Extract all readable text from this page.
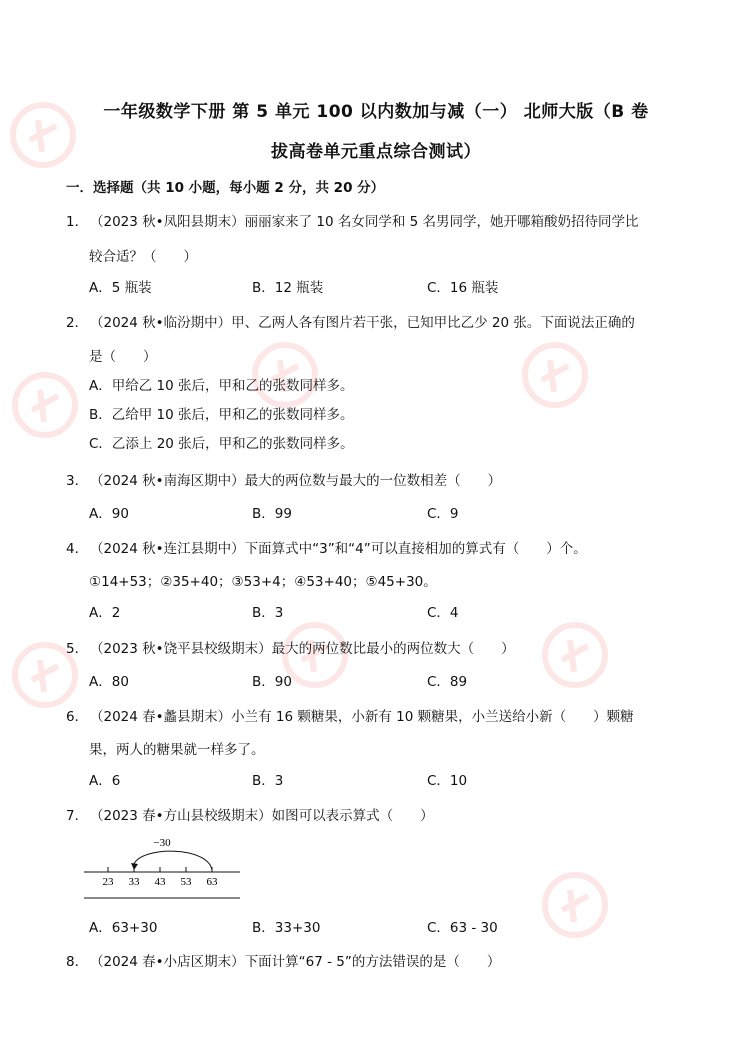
一年级数学下册 第 5 单元 100 以内数加与减（一） 北师大版（B 卷
拔高卷单元重点综合测试）
一．选择题（共 10 小题，每小题 2 分，共 20 分）
1． （2023 秋•凤阳县期末）丽丽家来了 10 名女同学和 5 名男同学，她开哪箱酸奶招待同学比
较合适？（　　）
A．5 瓶装	B．12 瓶装	C．16 瓶装
2． （2024 秋•临汾期中）甲、乙两人各有图片若干张，已知甲比乙少 20 张。下面说法正确的
是（　　）
A．甲给乙 10 张后，甲和乙的张数同样多。
B．乙给甲 10 张后，甲和乙的张数同样多。
C．乙添上 20 张后，甲和乙的张数同样多。
3． （2024 秋•南海区期中）最大的两位数与最大的一位数相差（　　）
A．90	B．99	C．9
4． （2024 秋•连江县期中）下面算式中“3”和“4”可以直接相加的算式有（　　）个。
①14+53；②35+40；③53+4；④53+40；⑤45+30。
A．2	B．3	C．4
5． （2023 秋•饶平县校级期末）最大的两位数比最小的两位数大（　　）
A．80	B．90	C．89
6． （2024 春•蠡县期末）小兰有 16 颗糖果，小新有 10 颗糖果，小兰送给小新（　　）颗糖
果，两人的糖果就一样多了。
A．6	B．3	C．10
7． （2023 春•方山县校级期末）如图可以表示算式（　　）
−30
23 33 43 53 63
A．63+30	B．33+30	C．63 - 30
8． （2024 春•小店区期末）下面计算“67 - 5”的方法错误的是（　　）
